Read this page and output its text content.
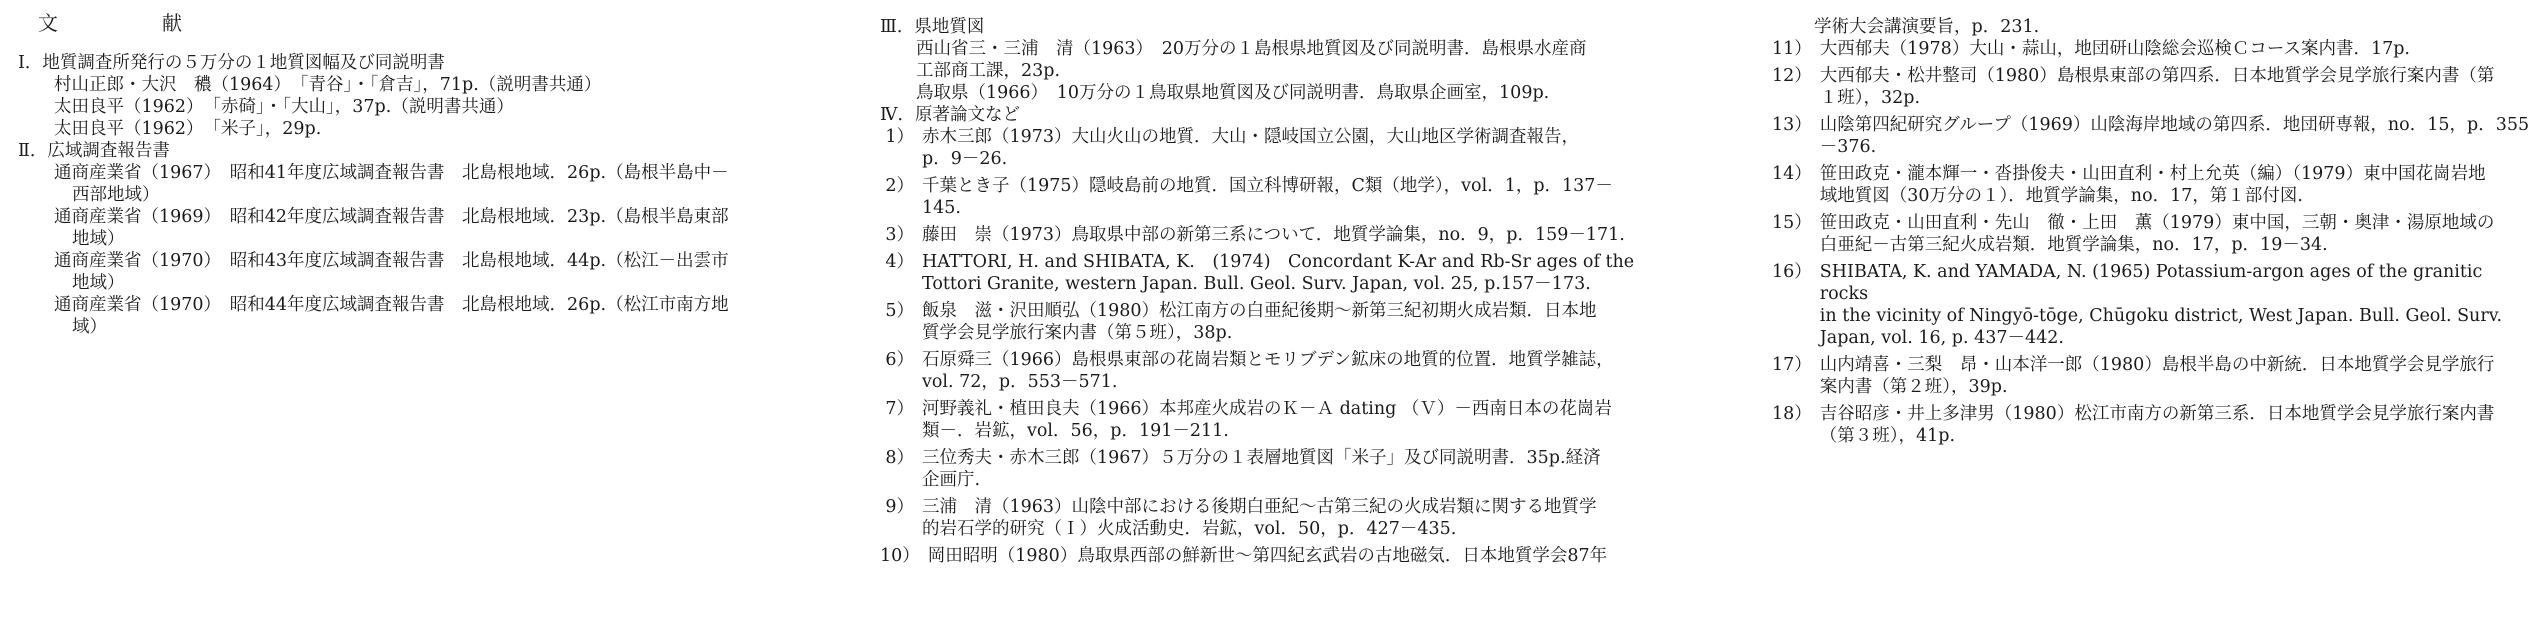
文　献
Ⅰ．地質調査所発行の５万分の１地質図幅及び同説明書
村山正郎・大沢　穠（1964）　「青谷」・「倉吉」，71p.（説明書共通）
太田良平（1962）　「赤碕」・「大山」，37p.（説明書共通）
太田良平（1962）　「米子」，29p.
Ⅱ．広域調査報告書
通商産業省（1967）　昭和41年度広域調査報告書　北島根地域．26p.（島根半島中－
西部地域）
通商産業省（1969）　昭和42年度広域調査報告書　北島根地域．23p.（島根半島東部
地域）
通商産業省（1970）　昭和43年度広域調査報告書　北島根地域．44p.（松江－出雲市
地域）
通商産業省（1970）　昭和44年度広域調査報告書　北島根地域．26p.（松江市南方地
域）
Ⅲ．県地質図
西山省三・三浦　清（1963）　20万分の１島根県地質図及び同説明書．島根県水産商
工部商工課，23p.
鳥取県（1966）　10万分の１鳥取県地質図及び同説明書．鳥取県企画室，109p.
Ⅳ．原著論文など
1） 赤木三郎（1973）大山火山の地質．大山・隠岐国立公園，大山地区学術調査報告，
p．9－26.
2） 千葉とき子（1975）隠岐島前の地質．国立科博研報，C類（地学），vol．1，p．137－
145.
3） 藤田　崇（1973）鳥取県中部の新第三系について．地質学論集，no．9，p．159－171.
4） HATTORI, H. and SHIBATA, K.　(1974)　Concordant K-Ar and Rb-Sr ages of the
Tottori Granite, western Japan. Bull. Geol. Surv. Japan, vol. 25, p.157－173.
5） 飯泉　滋・沢田順弘（1980）松江南方の白亜紀後期～新第三紀初期火成岩類．日本地
質学会見学旅行案内書（第５班），38p.
6） 石原舜三（1966）島根県東部の花崗岩類とモリブデン鉱床の地質的位置．地質学雑誌，
vol. 72，p．553－571.
7） 河野義礼・植田良夫（1966）本邦産火成岩のＫ－Ａ dating （Ｖ）－西南日本の花崗岩
類－．岩鉱，vol．56，p．191－211.
8） 三位秀夫・赤木三郎（1967）５万分の１表層地質図「米子」及び同説明書．35p.経済
企画庁.
9） 三浦　清（1963）山陰中部における後期白亜紀～古第三紀の火成岩類に関する地質学
的岩石学的研究（Ｉ）火成活動史．岩鉱，vol．50，p．427－435.
10） 岡田昭明（1980）鳥取県西部の鮮新世～第四紀玄武岩の古地磁気．日本地質学会87年
学術大会講演要旨，p．231.
11） 大西郁夫（1978）大山・蒜山，地団研山陰総会巡検Ｃコース案内書．17p.
12） 大西郁夫・松井整司（1980）島根県東部の第四系．日本地質学会見学旅行案内書（第
１班），32p.
13） 山陰第四紀研究グループ（1969）山陰海岸地域の第四系．地団研専報，no．15，p．355
－376.
14） 笹田政克・瀧本輝一・沓掛俊夫・山田直利・村上允英（編）（1979）東中国花崗岩地
域地質図（30万分の１）．地質学論集，no．17，第１部付図.
15） 笹田政克・山田直利・先山　徹・上田　薫（1979）東中国，三朝・奥津・湯原地域の
白亜紀－古第三紀火成岩類．地質学論集，no．17，p．19－34.
16） SHIBATA, K. and YAMADA, N. (1965) Potassium-argon ages of the granitic rocks
in the vicinity of Ningyō-tōge, Chūgoku district, West Japan. Bull. Geol. Surv.
Japan, vol. 16, p. 437－442.
17） 山内靖喜・三梨　昂・山本洋一郎（1980）島根半島の中新統．日本地質学会見学旅行
案内書（第２班），39p.
18） 吉谷昭彦・井上多津男（1980）松江市南方の新第三系．日本地質学会見学旅行案内書
（第３班），41p.
